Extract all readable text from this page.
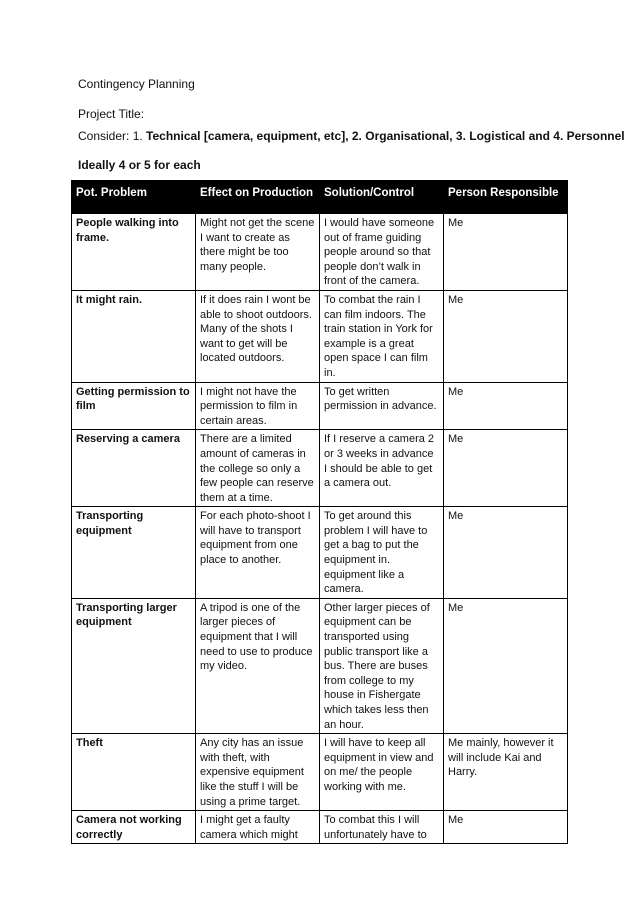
Contingency Planning
Project Title:
Consider: 1. Technical [camera, equipment, etc], 2. Organisational, 3. Logistical and 4. Personnel
Ideally 4 or 5 for each
Pot. Problem	Effect on Production	Solution/Control	Person Responsible
People walking into frame.	Might not get the scene I want to create as there might be too many people.	I would have someone out of frame guiding people around so that people don’t walk in front of the camera.	Me
It might rain.	If it does rain I wont be able to shoot outdoors. Many of the shots I want to get will be located outdoors.	To combat the rain I can film indoors. The train station in York for example is a great open space I can film in.	Me
Getting permission to film	I might not have the permission to film in certain areas.	To get written permission in advance.	Me
Reserving a camera	There are a limited amount of cameras in the college so only a few people can reserve them at a time.	If I reserve a camera 2 or 3 weeks in advance I should be able to get a camera out.	Me
Transporting equipment	For each photo-shoot I will have to transport equipment from one place to another.	To get around this problem I will have to get a bag to put the equipment in. equipment like a camera.	Me
Transporting larger equipment	A tripod is one of the larger pieces of equipment that I will need to use to produce my video.	Other larger pieces of equipment can be transported using public transport like a bus. There are buses from college to my house in Fishergate which takes less then an hour.	Me
Theft	Any city has an issue with theft, with expensive equipment like the stuff I will be using a prime target.	I will have to keep all equipment in view and on me/ the people working with me.	Me mainly, however it will include Kai and Harry.

Camera not working correctly	I might get a faulty camera which might	To combat this I will unfortunately have to	Me
